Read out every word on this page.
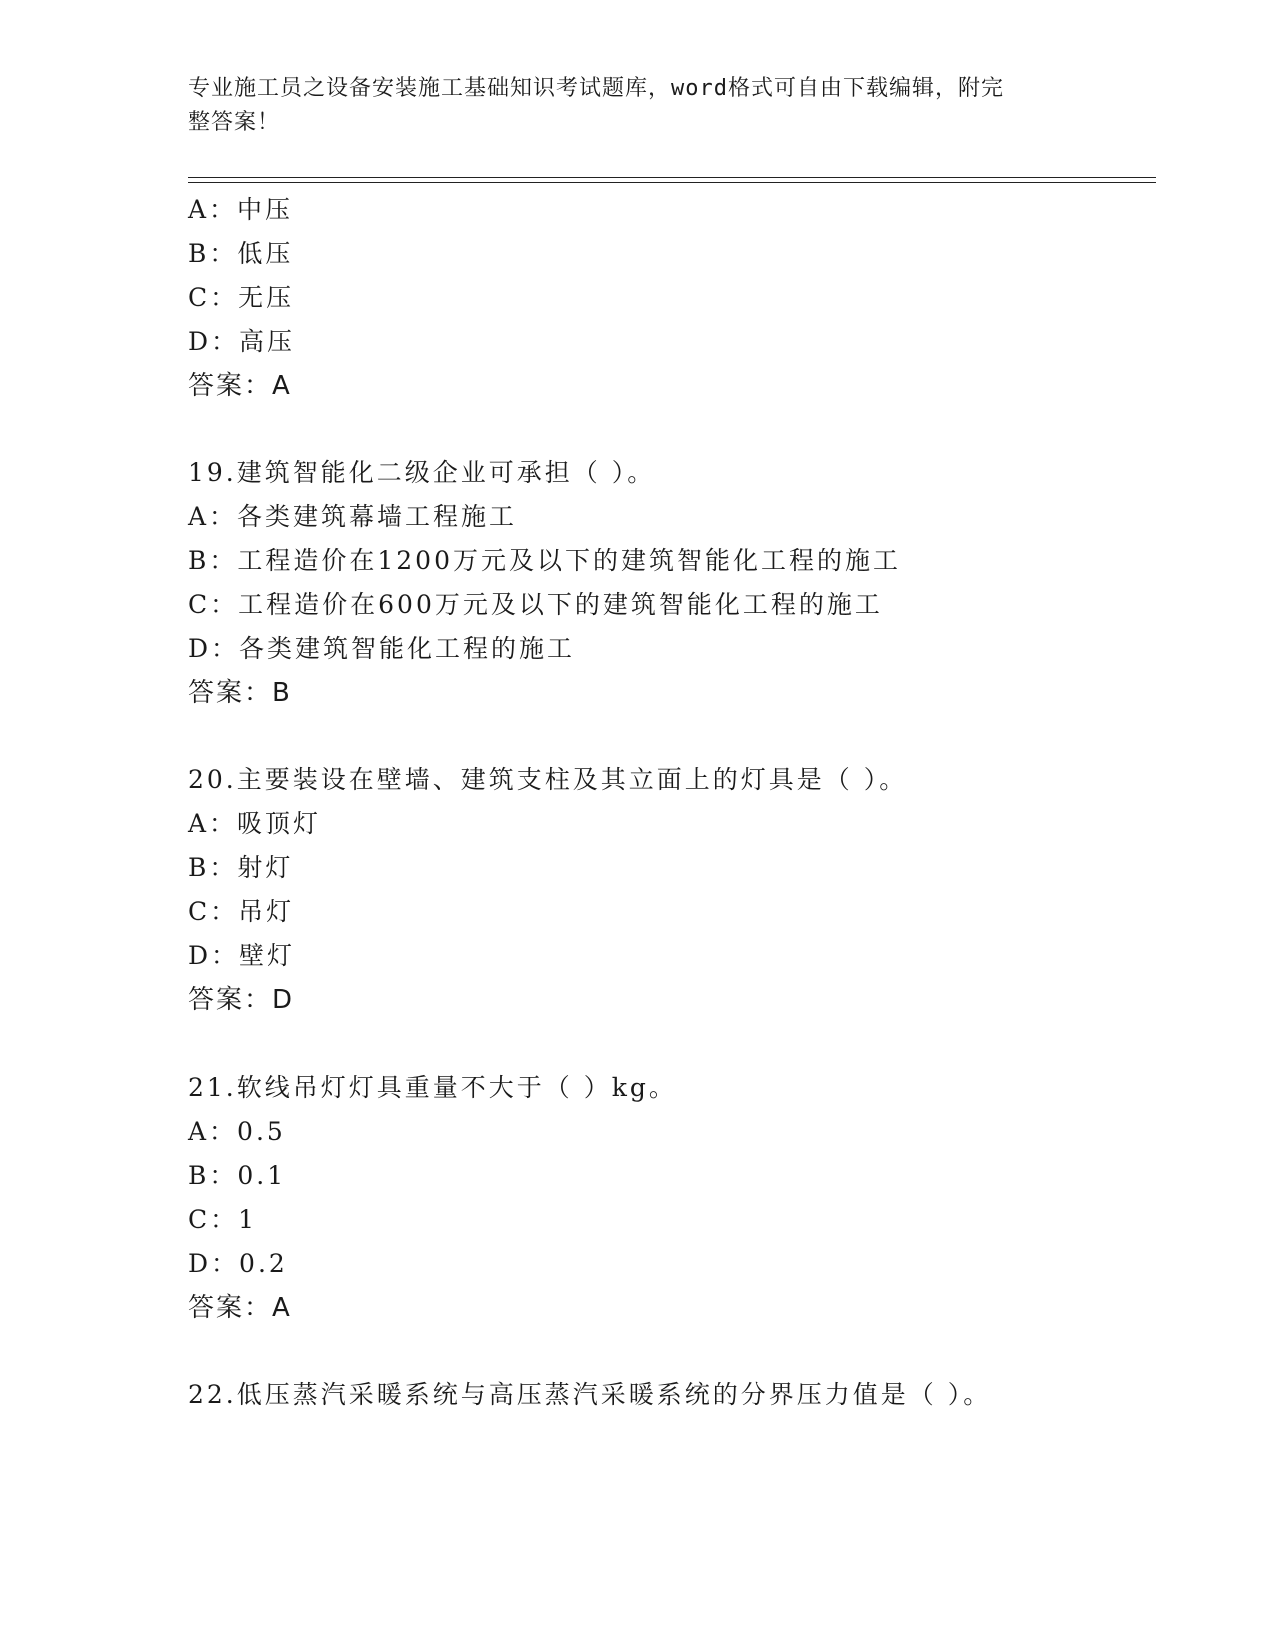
专业施工员之设备安装施工基础知识考试题库，word格式可自由下载编辑，附完
整答案！
A：中压
B：低压
C：无压
D：高压
答案：A
19.建筑智能化二级企业可承担（ ）。
A：各类建筑幕墙工程施工
B：工程造价在1200万元及以下的建筑智能化工程的施工
C：工程造价在600万元及以下的建筑智能化工程的施工
D：各类建筑智能化工程的施工
答案：B
20.主要装设在壁墙、建筑支柱及其立面上的灯具是（ ）。
A：吸顶灯
B：射灯
C：吊灯
D：壁灯
答案：D
21.软线吊灯灯具重量不大于（ ）kg。
A：0.5
B：0.1
C：1
D：0.2
答案：A
22.低压蒸汽采暖系统与高压蒸汽采暖系统的分界压力值是（ ）。
